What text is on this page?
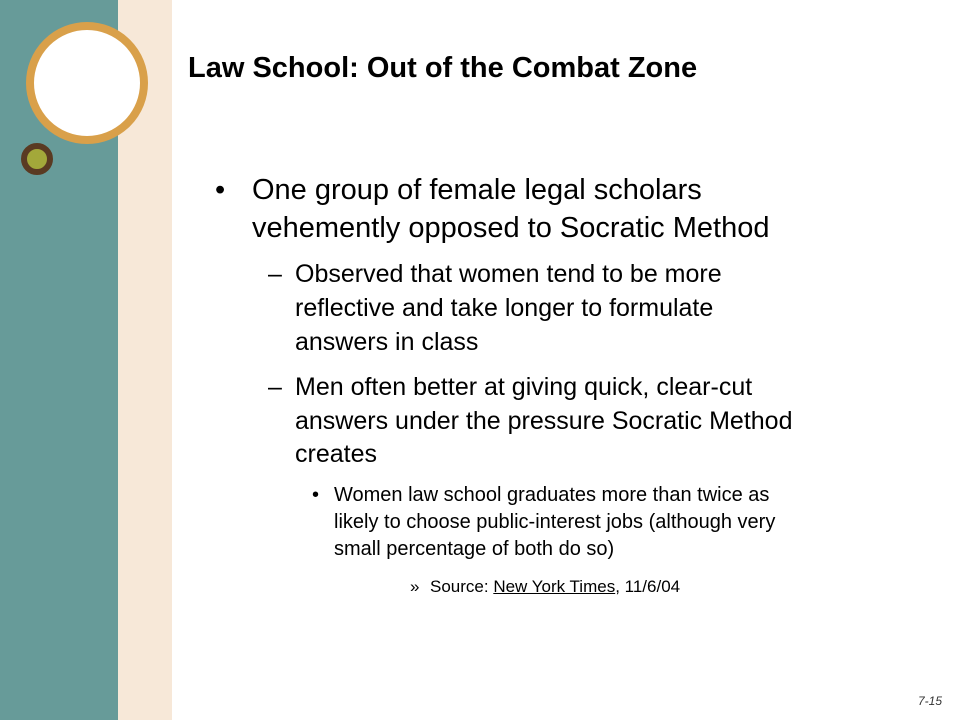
Law School: Out of the Combat Zone
• One group of female legal scholars
vehemently opposed to Socratic Method
– Observed that women tend to be more
reflective and take longer to formulate
answers in class
– Men often better at giving quick, clear-cut
answers under the pressure Socratic Method
creates
• Women law school graduates more than twice as
likely to choose public-interest jobs (although very
small percentage of both do so)
» Source: New York Times, 11/6/04
7-15
